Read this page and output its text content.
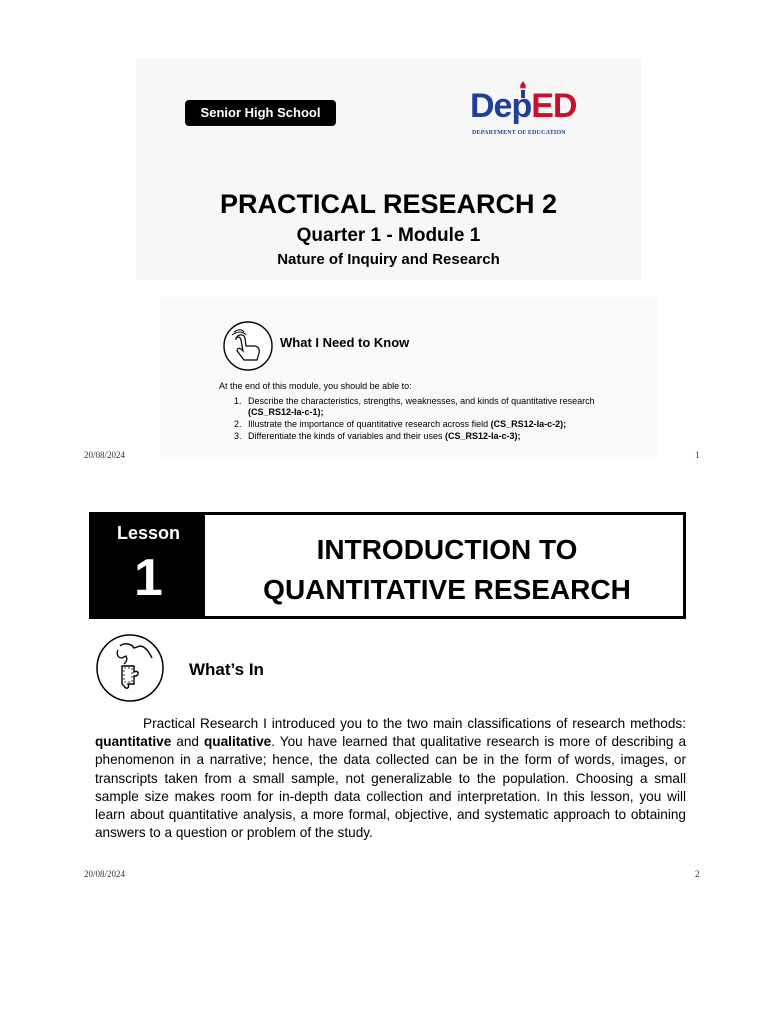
Senior High School	DepED
DEPARTMENT OF EDUCATION
PRACTICAL RESEARCH 2
Quarter 1 - Module 1
Nature of Inquiry and Research
What I Need to Know
At the end of this module, you should be able to:
1. Describe the characteristics, strengths, weaknesses, and kinds of quantitative research (CS_RS12-Ia-c-1);
2. Illustrate the importance of quantitative research across field (CS_RS12-Ia-c-2);
3. Differentiate the kinds of variables and their uses (CS_RS12-Ia-c-3);
20/08/2024	1
Lesson
1	INTRODUCTION TO
QUANTITATIVE RESEARCH
What’s In

Practical Research I introduced you to the two main classifications of research methods: quantitative and qualitative. You have learned that qualitative research is more of describing a phenomenon in a narrative; hence, the data collected can be in the form of words, images, or transcripts taken from a small sample, not generalizable to the population. Choosing a small sample size makes room for in-depth data collection and interpretation. In this lesson, you will learn about quantitative analysis, a more formal, objective, and systematic approach to obtaining answers to a question or problem of the study.

20/08/2024	2
